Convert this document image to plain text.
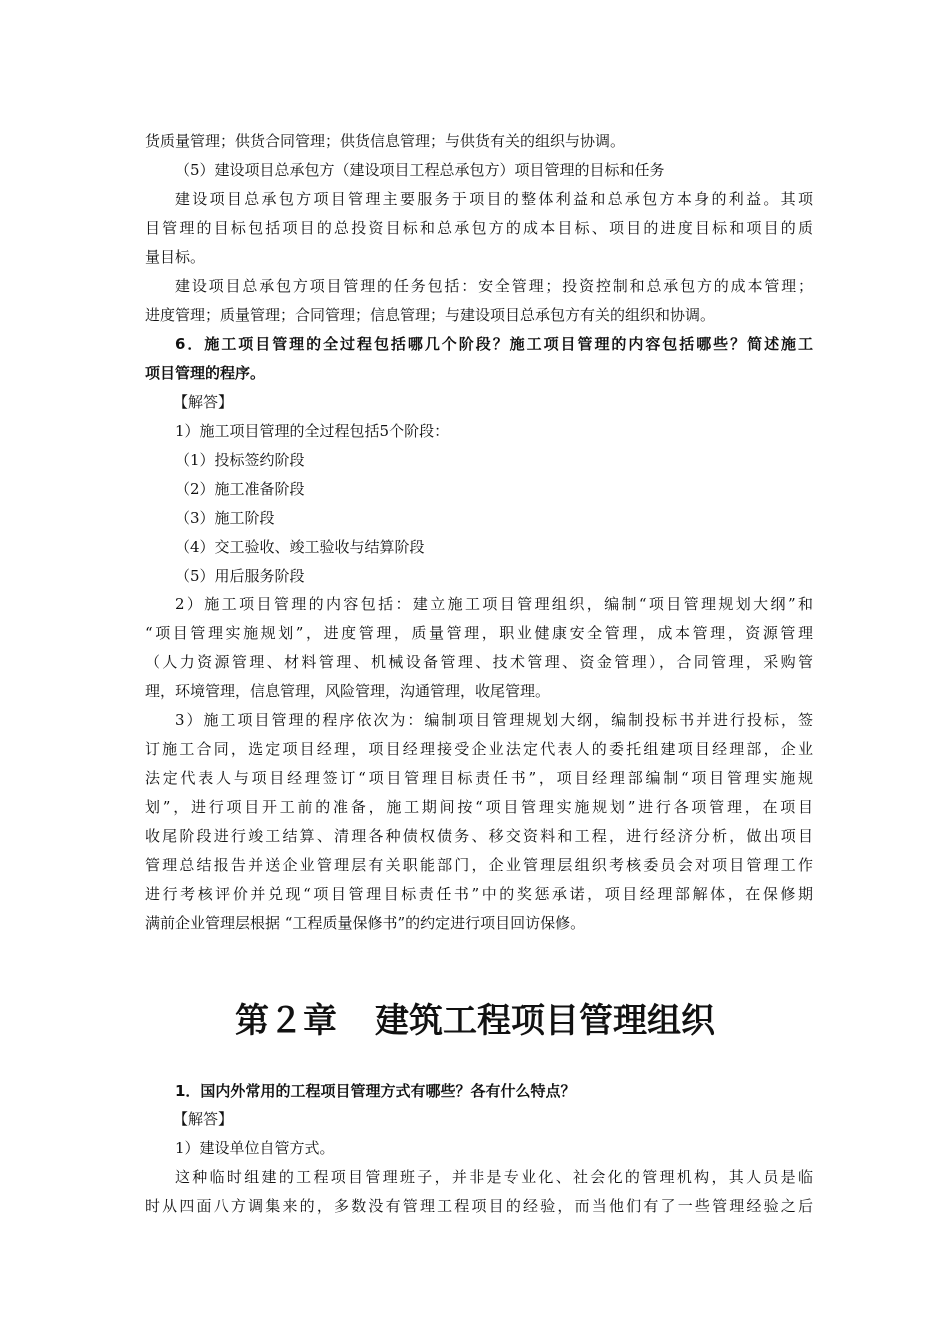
货质量管理；供货合同管理；供货信息管理；与供货有关的组织与协调。
（5）建设项目总承包方（建设项目工程总承包方）项目管理的目标和任务
建设项目总承包方项目管理主要服务于项目的整体利益和总承包方本身的利益。其项
目管理的目标包括项目的总投资目标和总承包方的成本目标、项目的进度目标和项目的质
量目标。
建设项目总承包方项目管理的任务包括：安全管理；投资控制和总承包方的成本管理；
进度管理；质量管理；合同管理；信息管理；与建设项目总承包方有关的组织和协调。
6．施工项目管理的全过程包括哪几个阶段？施工项目管理的内容包括哪些？简述施工
项目管理的程序。
【解答】
1）施工项目管理的全过程包括5个阶段：
（1）投标签约阶段
（2）施工准备阶段
（3）施工阶段
（4）交工验收、竣工验收与结算阶段
（5）用后服务阶段
2）施工项目管理的内容包括：建立施工项目管理组织，编制“项目管理规划大纲”和
“项目管理实施规划”，进度管理，质量管理，职业健康安全管理，成本管理，资源管理
（人力资源管理、材料管理、机械设备管理、技术管理、资金管理），合同管理，采购管
理，环境管理，信息管理，风险管理，沟通管理，收尾管理。
3）施工项目管理的程序依次为：编制项目管理规划大纲，编制投标书并进行投标，签
订施工合同，选定项目经理，项目经理接受企业法定代表人的委托组建项目经理部，企业
法定代表人与项目经理签订“项目管理目标责任书”，项目经理部编制“项目管理实施规
划”，进行项目开工前的准备，施工期间按“项目管理实施规划”进行各项管理，在项目
收尾阶段进行竣工结算、清理各种债权债务、移交资料和工程，进行经济分析，做出项目
管理总结报告并送企业管理层有关职能部门，企业管理层组织考核委员会对项目管理工作
进行考核评价并兑现“项目管理目标责任书”中的奖惩承诺，项目经理部解体，在保修期
满前企业管理层根据 “工程质量保修书”的约定进行项目回访保修。
第２章 建筑工程项目管理组织
1．国内外常用的工程项目管理方式有哪些？各有什么特点？
【解答】
1）建设单位自管方式。
这种临时组建的工程项目管理班子，并非是专业化、社会化的管理机构，其人员是临
时从四面八方调集来的，多数没有管理工程项目的经验，而当他们有了一些管理经验之后
